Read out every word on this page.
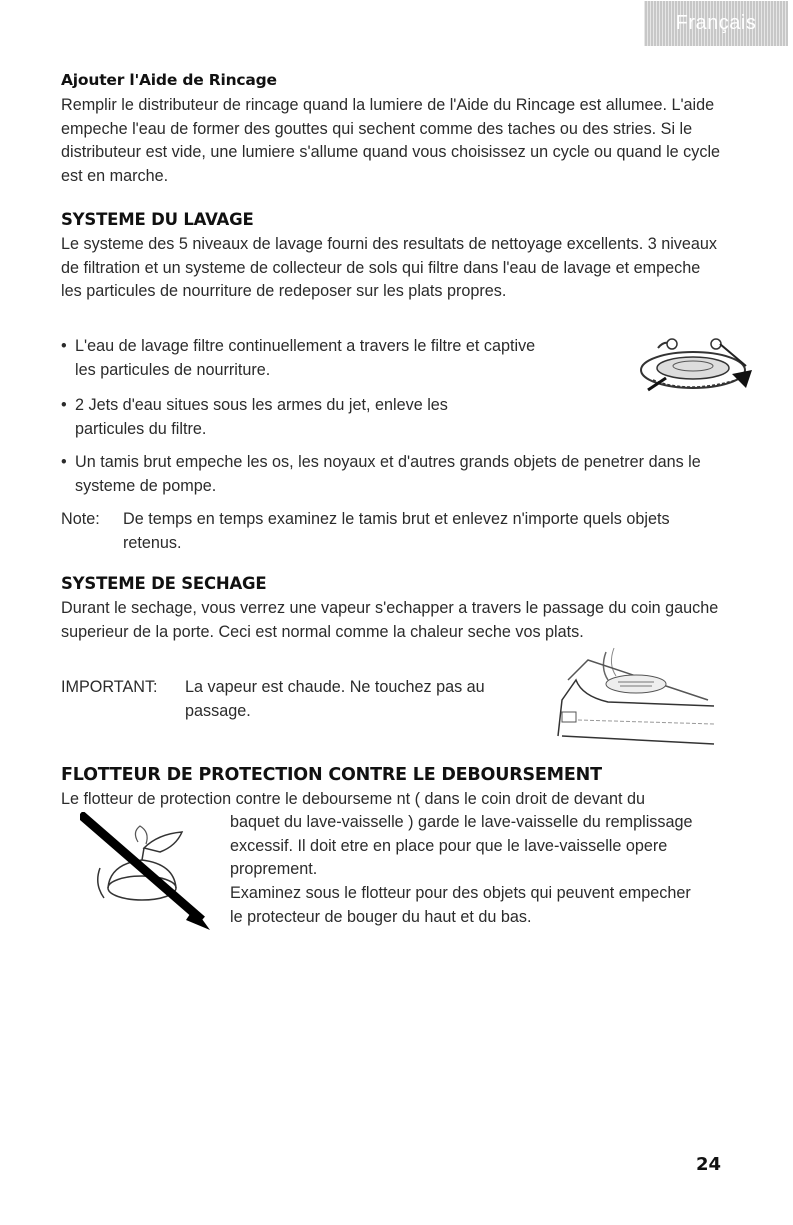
Français
Ajouter l'Aide de Rincage

Remplir le distributeur de rincage quand la lumiere de l'Aide du Rincage est allumee. L'aide empeche l'eau de former des gouttes qui sechent comme des taches ou des stries. Si le distributeur est vide, une lumiere s'allume quand vous choisissez un cycle ou quand le cycle est en marche.

SYSTEME DU LAVAGE

Le systeme des 5 niveaux de lavage fourni des resultats de nettoyage excellents. 3 niveaux de filtration et un systeme de collecteur de sols qui filtre dans l'eau de lavage et empeche les particules de nourriture de redeposer sur les plats propres.

• L'eau de lavage filtre continuellement a travers le filtre et captive les particules de nourriture.

• 2 Jets d'eau situes sous les armes du jet, enleve les particules du filtre.

• Un tamis brut empeche les os, les noyaux et d'autres grands objets de penetrer dans le systeme de pompe.

Note:	De temps en temps examinez le tamis brut et enlevez n'importe quels objets retenus.

SYSTEME DE SECHAGE

Durant le sechage, vous verrez une vapeur s'echapper a travers le passage du coin gauche superieur de la porte. Ceci est normal comme la chaleur seche vos plats.

IMPORTANT:	La vapeur est chaude. Ne touchez pas au passage.

FLOTTEUR DE PROTECTION CONTRE LE DEBOURSEMENT

Le flotteur de protection contre le debourseme nt ( dans le coin droit de devant du

baquet du lave-vaisselle ) garde le lave-vaisselle du remplissage excessif. Il doit etre en place pour que le lave-vaisselle opere proprement.

Examinez sous le flotteur pour des objets qui peuvent empecher le protecteur de bouger du haut et du bas.

24
